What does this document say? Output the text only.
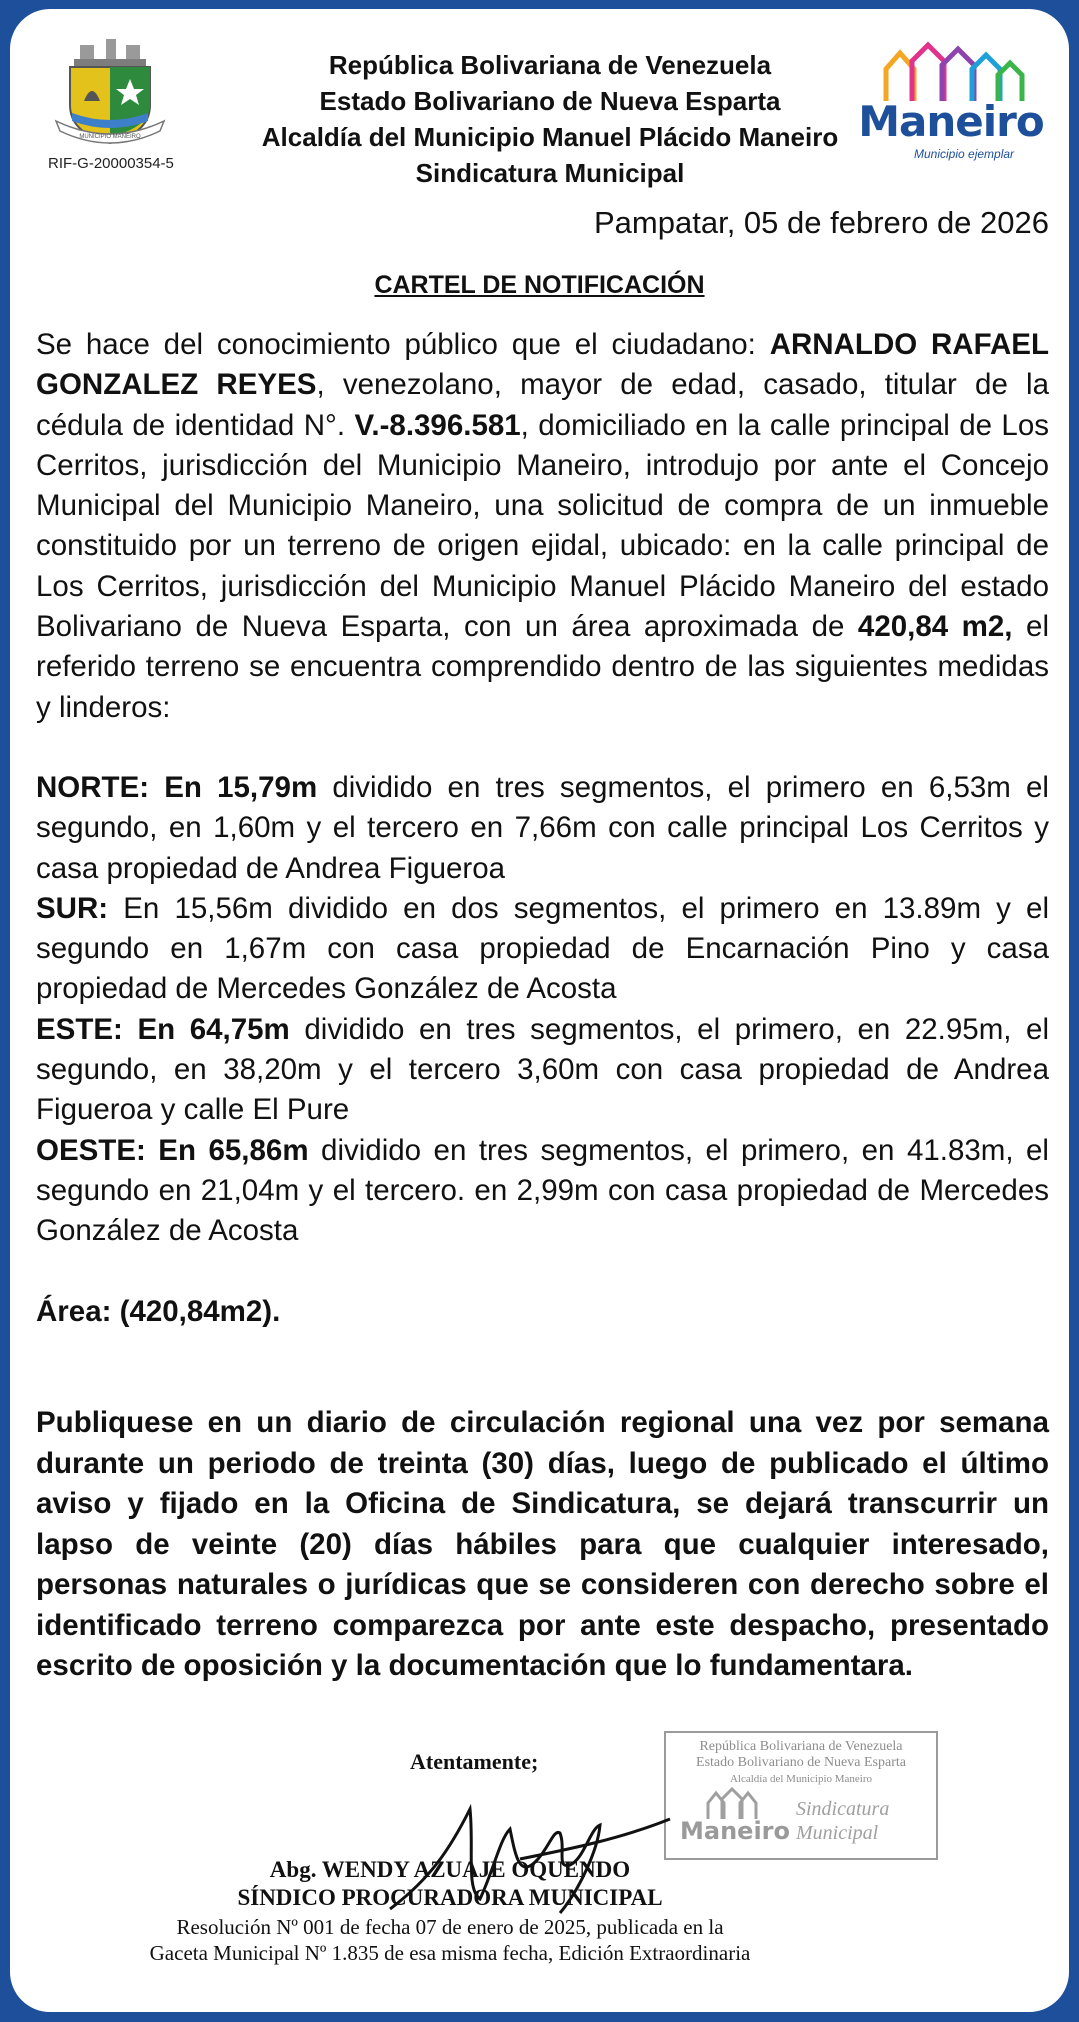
MUNICIPIO MANEIRO
RIF-G-20000354-5
República Bolivariana de Venezuela
Estado Bolivariano de Nueva Esparta
Alcaldía del Municipio Manuel Plácido Maneiro
Sindicatura Municipal
Maneiro
Municipio ejemplar
Pampatar, 05 de febrero de 2026
CARTEL DE NOTIFICACIÓN

Se hace del conocimiento público que el ciudadano: ARNALDO RAFAEL GONZALEZ REYES, venezolano, mayor de edad, casado, titular de la cédula de identidad N°. V.-8.396.581, domiciliado en la calle principal de Los Cerritos, jurisdicción del Municipio Maneiro, introdujo por ante el Concejo Municipal del Municipio Maneiro, una solicitud de compra de un inmueble constituido por un terreno de origen ejidal, ubicado: en la calle principal de Los Cerritos, jurisdicción del Municipio Manuel Plácido Maneiro del estado Bolivariano de Nueva Esparta, con un área aproximada de 420,84 m2, el referido terreno se encuentra comprendido dentro de las siguientes medidas y linderos:

NORTE: En 15,79m dividido en tres segmentos, el primero en 6,53m el segundo, en 1,60m y el tercero en 7,66m con calle principal Los Cerritos y casa propiedad de Andrea Figueroa

SUR: En 15,56m dividido en dos segmentos, el primero en 13.89m y el segundo en 1,67m con casa propiedad de Encarnación Pino y casa propiedad de Mercedes González de Acosta

ESTE: En 64,75m dividido en tres segmentos, el primero, en 22.95m, el segundo, en 38,20m y el tercero 3,60m con casa propiedad de Andrea Figueroa y calle El Pure

OESTE: En 65,86m dividido en tres segmentos, el primero, en 41.83m, el segundo en 21,04m y el tercero. en 2,99m con casa propiedad de Mercedes González de Acosta

Área: (420,84m2).

Publiquese en un diario de circulación regional una vez por semana durante un periodo de treinta (30) días, luego de publicado el último aviso y fijado en la Oficina de Sindicatura, se dejará transcurrir un lapso de veinte (20) días hábiles para que cualquier interesado, personas naturales o jurídicas que se consideren con derecho sobre el identificado terreno comparezca por ante este despacho, presentado escrito de oposición y la documentación que lo fundamentara.
República Bolivariana de Venezuela
Estado Bolivariano de Nueva Esparta
Alcaldía del Municipio Maneiro
Maneiro
Sindicatura
Municipal
Atentamente;
Abg. WENDY AZUAJE OQUENDO
SÍNDICO PROCURADORA MUNICIPAL
Resolución Nº 001 de fecha 07 de enero de 2025, publicada en la
Gaceta Municipal Nº 1.835 de esa misma fecha, Edición Extraordinaria
